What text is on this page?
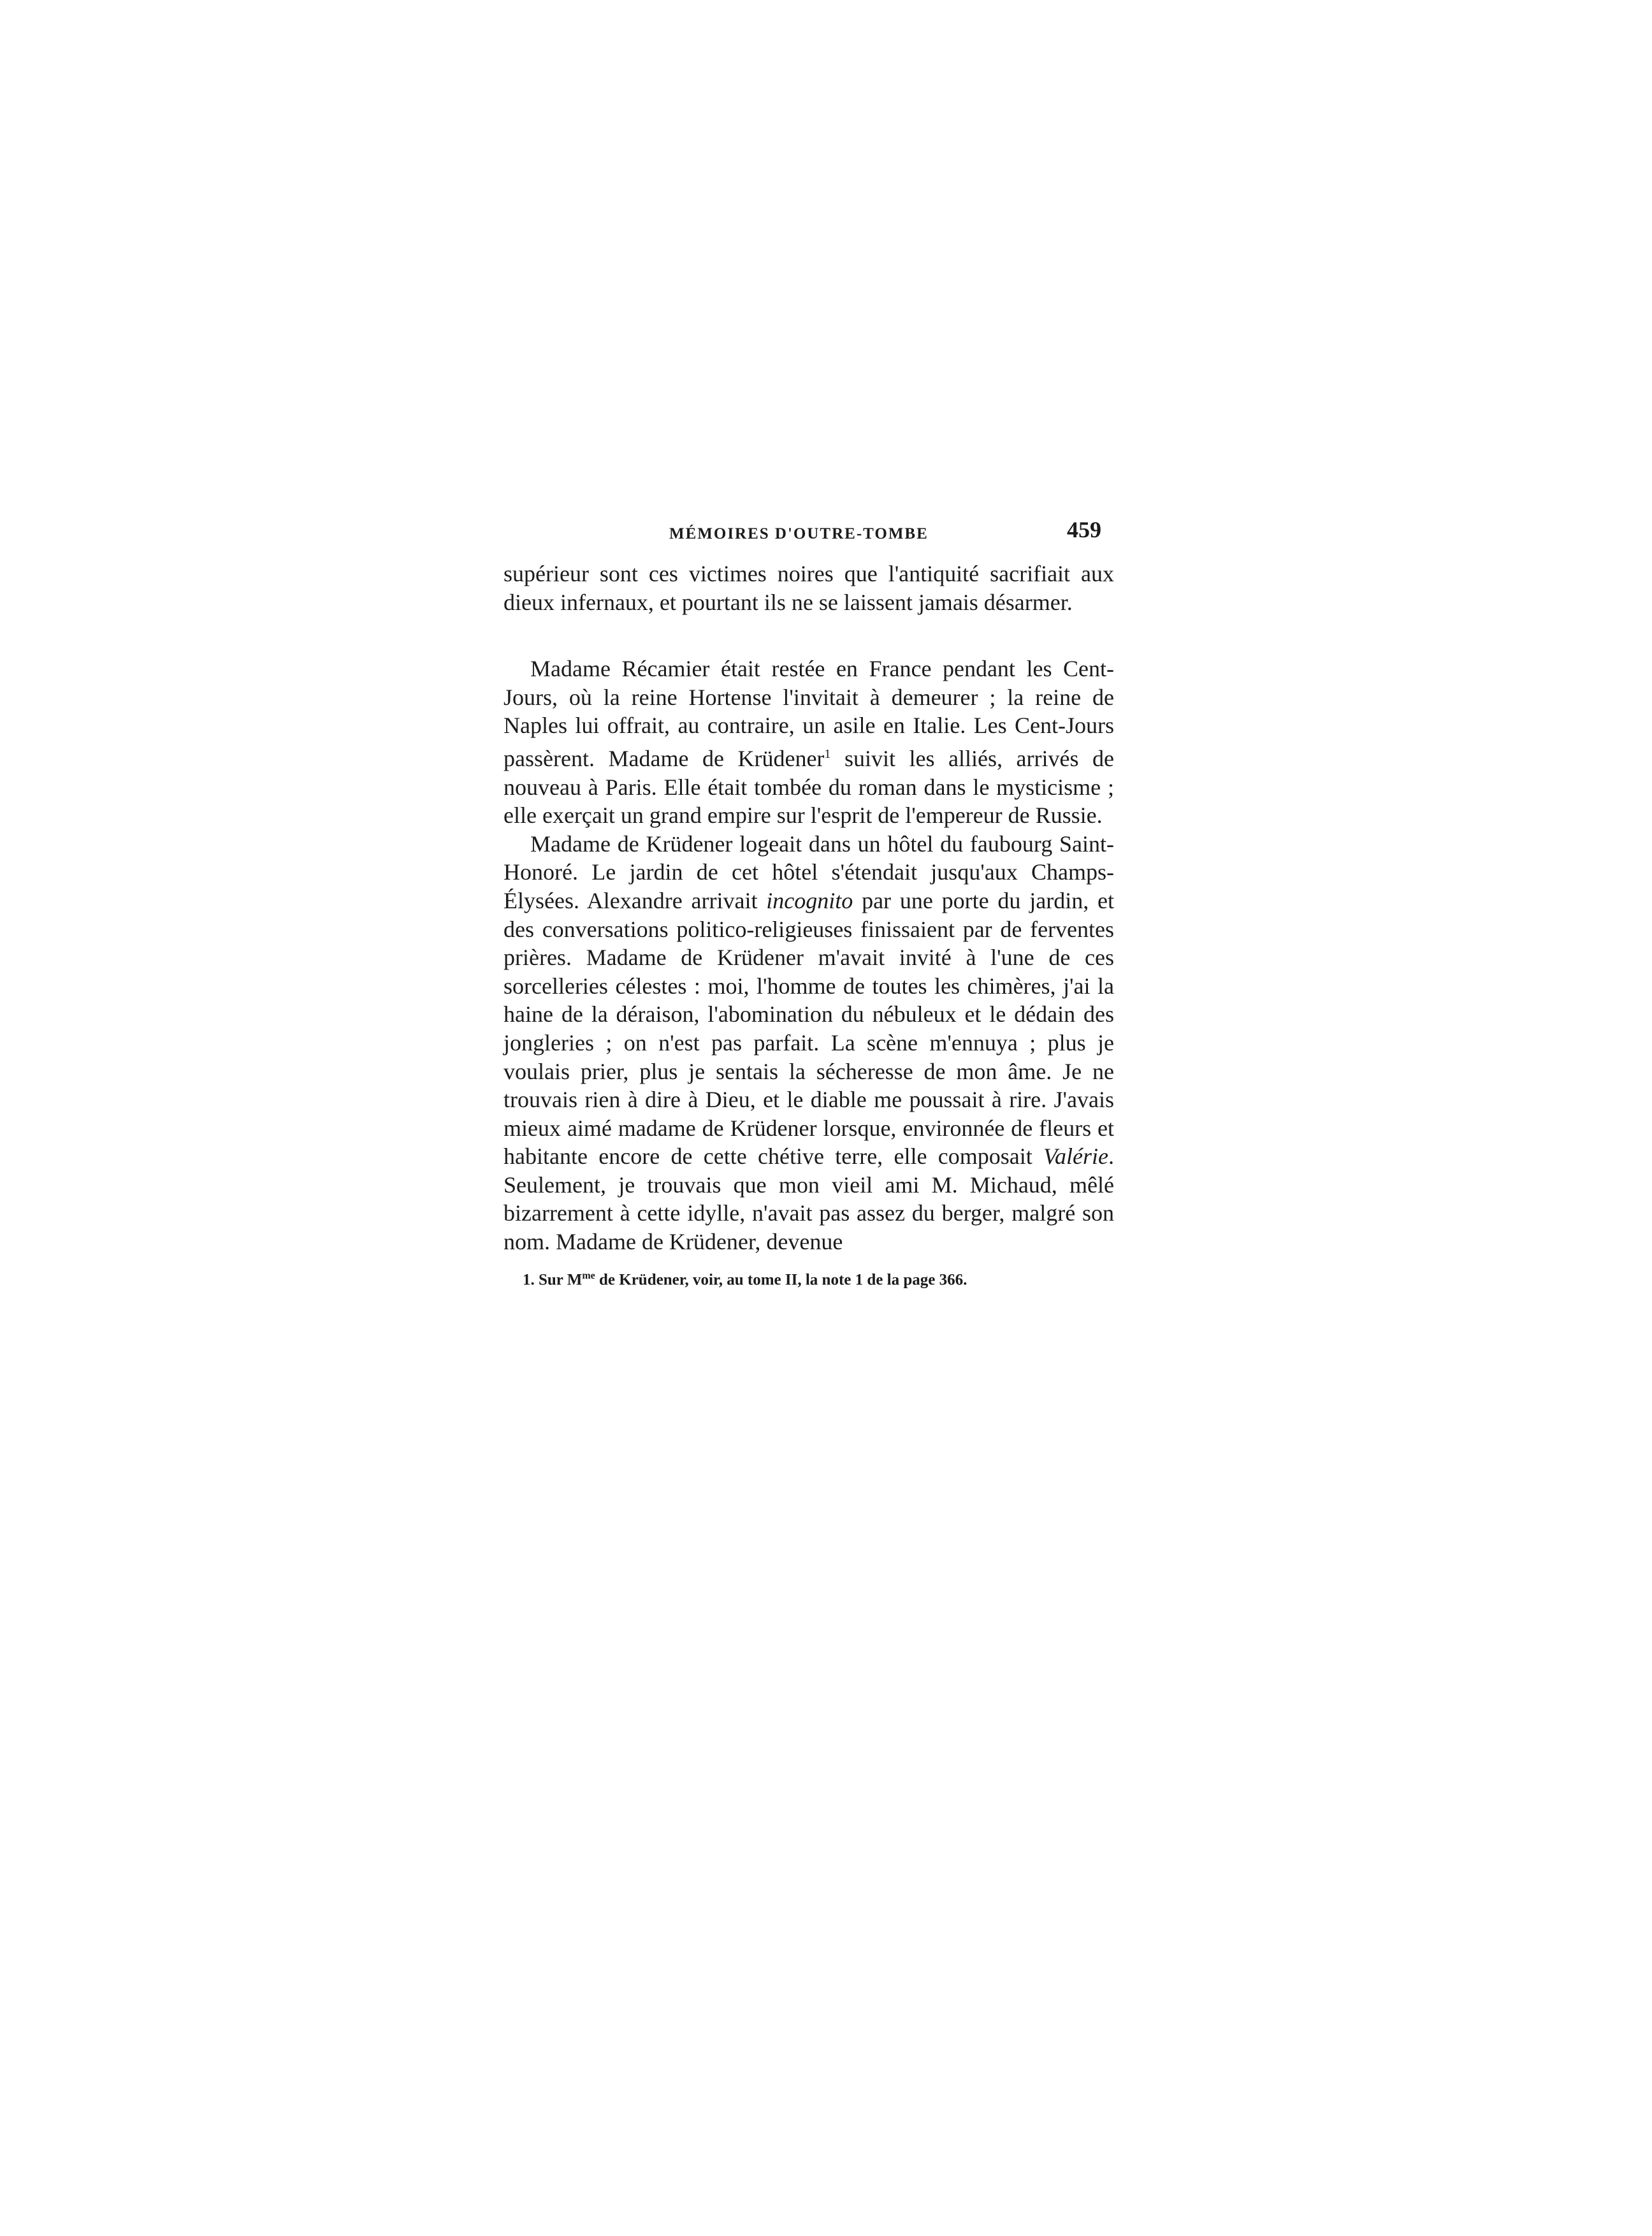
MÉMOIRES D'OUTRE-TOMBE	459

supérieur sont ces victimes noires que l'antiquité sacrifiait aux dieux infernaux, et pourtant ils ne se laissent jamais désarmer.

Madame Récamier était restée en France pendant les Cent-Jours, où la reine Hortense l'invitait à demeurer ; la reine de Naples lui offrait, au contraire, un asile en Italie. Les Cent-Jours passèrent. Madame de Krüdener$^1$ suivit les alliés, arrivés de nouveau à Paris. Elle était tombée du roman dans le mysticisme ; elle exerçait un grand empire sur l'esprit de l'empereur de Russie.

Madame de Krüdener logeait dans un hôtel du faubourg Saint-Honoré. Le jardin de cet hôtel s'étendait jusqu'aux Champs-Élysées. Alexandre arrivait incognito par une porte du jardin, et des conversations politico-religieuses finissaient par de ferventes prières. Madame de Krüdener m'avait invité à l'une de ces sorcelleries célestes : moi, l'homme de toutes les chimères, j'ai la haine de la déraison, l'abomination du nébuleux et le dédain des jongleries ; on n'est pas parfait. La scène m'ennuya ; plus je voulais prier, plus je sentais la sécheresse de mon âme. Je ne trouvais rien à dire à Dieu, et le diable me poussait à rire. J'avais mieux aimé madame de Krüdener lorsque, environnée de fleurs et habitante encore de cette chétive terre, elle composait Valérie. Seulement, je trouvais que mon vieil ami M. Michaud, mêlé bizarrement à cette idylle, n'avait pas assez du berger, malgré son nom. Madame de Krüdener, devenue

1. Sur $M^{me}$ de Krüdener, voir, au tome II, la note 1 de la page 366.
